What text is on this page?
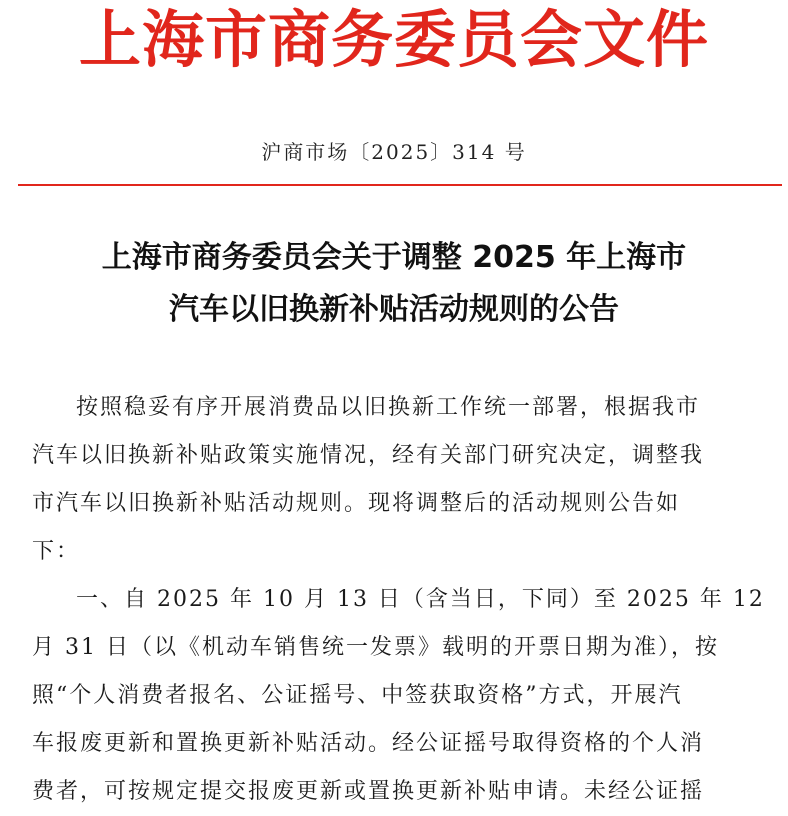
上海市商务委员会文件
沪商市场〔2025〕314 号
上海市商务委员会关于调整 2025 年上海市
汽车以旧换新补贴活动规则的公告
按照稳妥有序开展消费品以旧换新工作统一部署，根据我市
汽车以旧换新补贴政策实施情况，经有关部门研究决定，调整我
市汽车以旧换新补贴活动规则。现将调整后的活动规则公告如
下：
一、自 2025 年 10 月 13 日（含当日，下同）至 2025 年 12
月 31 日（以《机动车销售统一发票》载明的开票日期为准），按
照“个人消费者报名、公证摇号、中签获取资格”方式，开展汽
车报废更新和置换更新补贴活动。经公证摇号取得资格的个人消
费者，可按规定提交报废更新或置换更新补贴申请。未经公证摇
